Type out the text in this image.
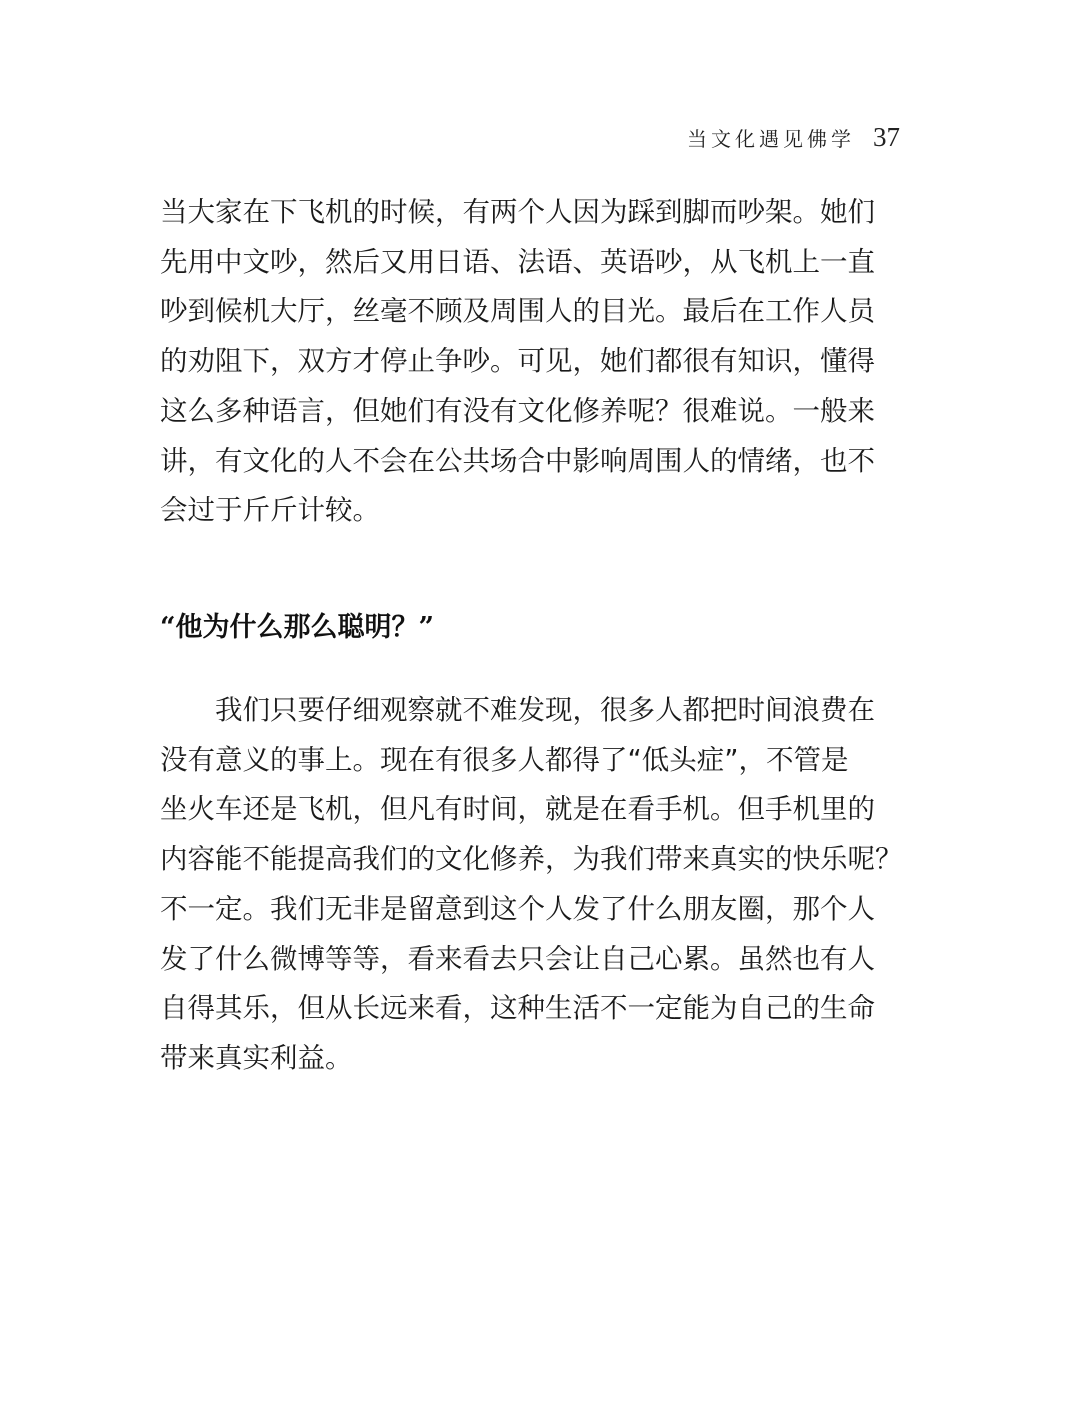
当文化遇见佛学 37

当大家在下飞机的时候，有两个人因为踩到脚而吵架。她们
先用中文吵，然后又用日语、法语、英语吵，从飞机上一直
吵到候机大厅，丝毫不顾及周围人的目光。最后在工作人员
的劝阻下，双方才停止争吵。可见，她们都很有知识，懂得
这么多种语言，但她们有没有文化修养呢？很难说。一般来
讲，有文化的人不会在公共场合中影响周围人的情绪，也不
会过于斤斤计较。

“他为什么那么聪明？”

　　我们只要仔细观察就不难发现，很多人都把时间浪费在
没有意义的事上。现在有很多人都得了“低头症”，不管是
坐火车还是飞机，但凡有时间，就是在看手机。但手机里的
内容能不能提高我们的文化修养，为我们带来真实的快乐呢？
不一定。我们无非是留意到这个人发了什么朋友圈，那个人
发了什么微博等等，看来看去只会让自己心累。虽然也有人
自得其乐，但从长远来看，这种生活不一定能为自己的生命
带来真实利益。
